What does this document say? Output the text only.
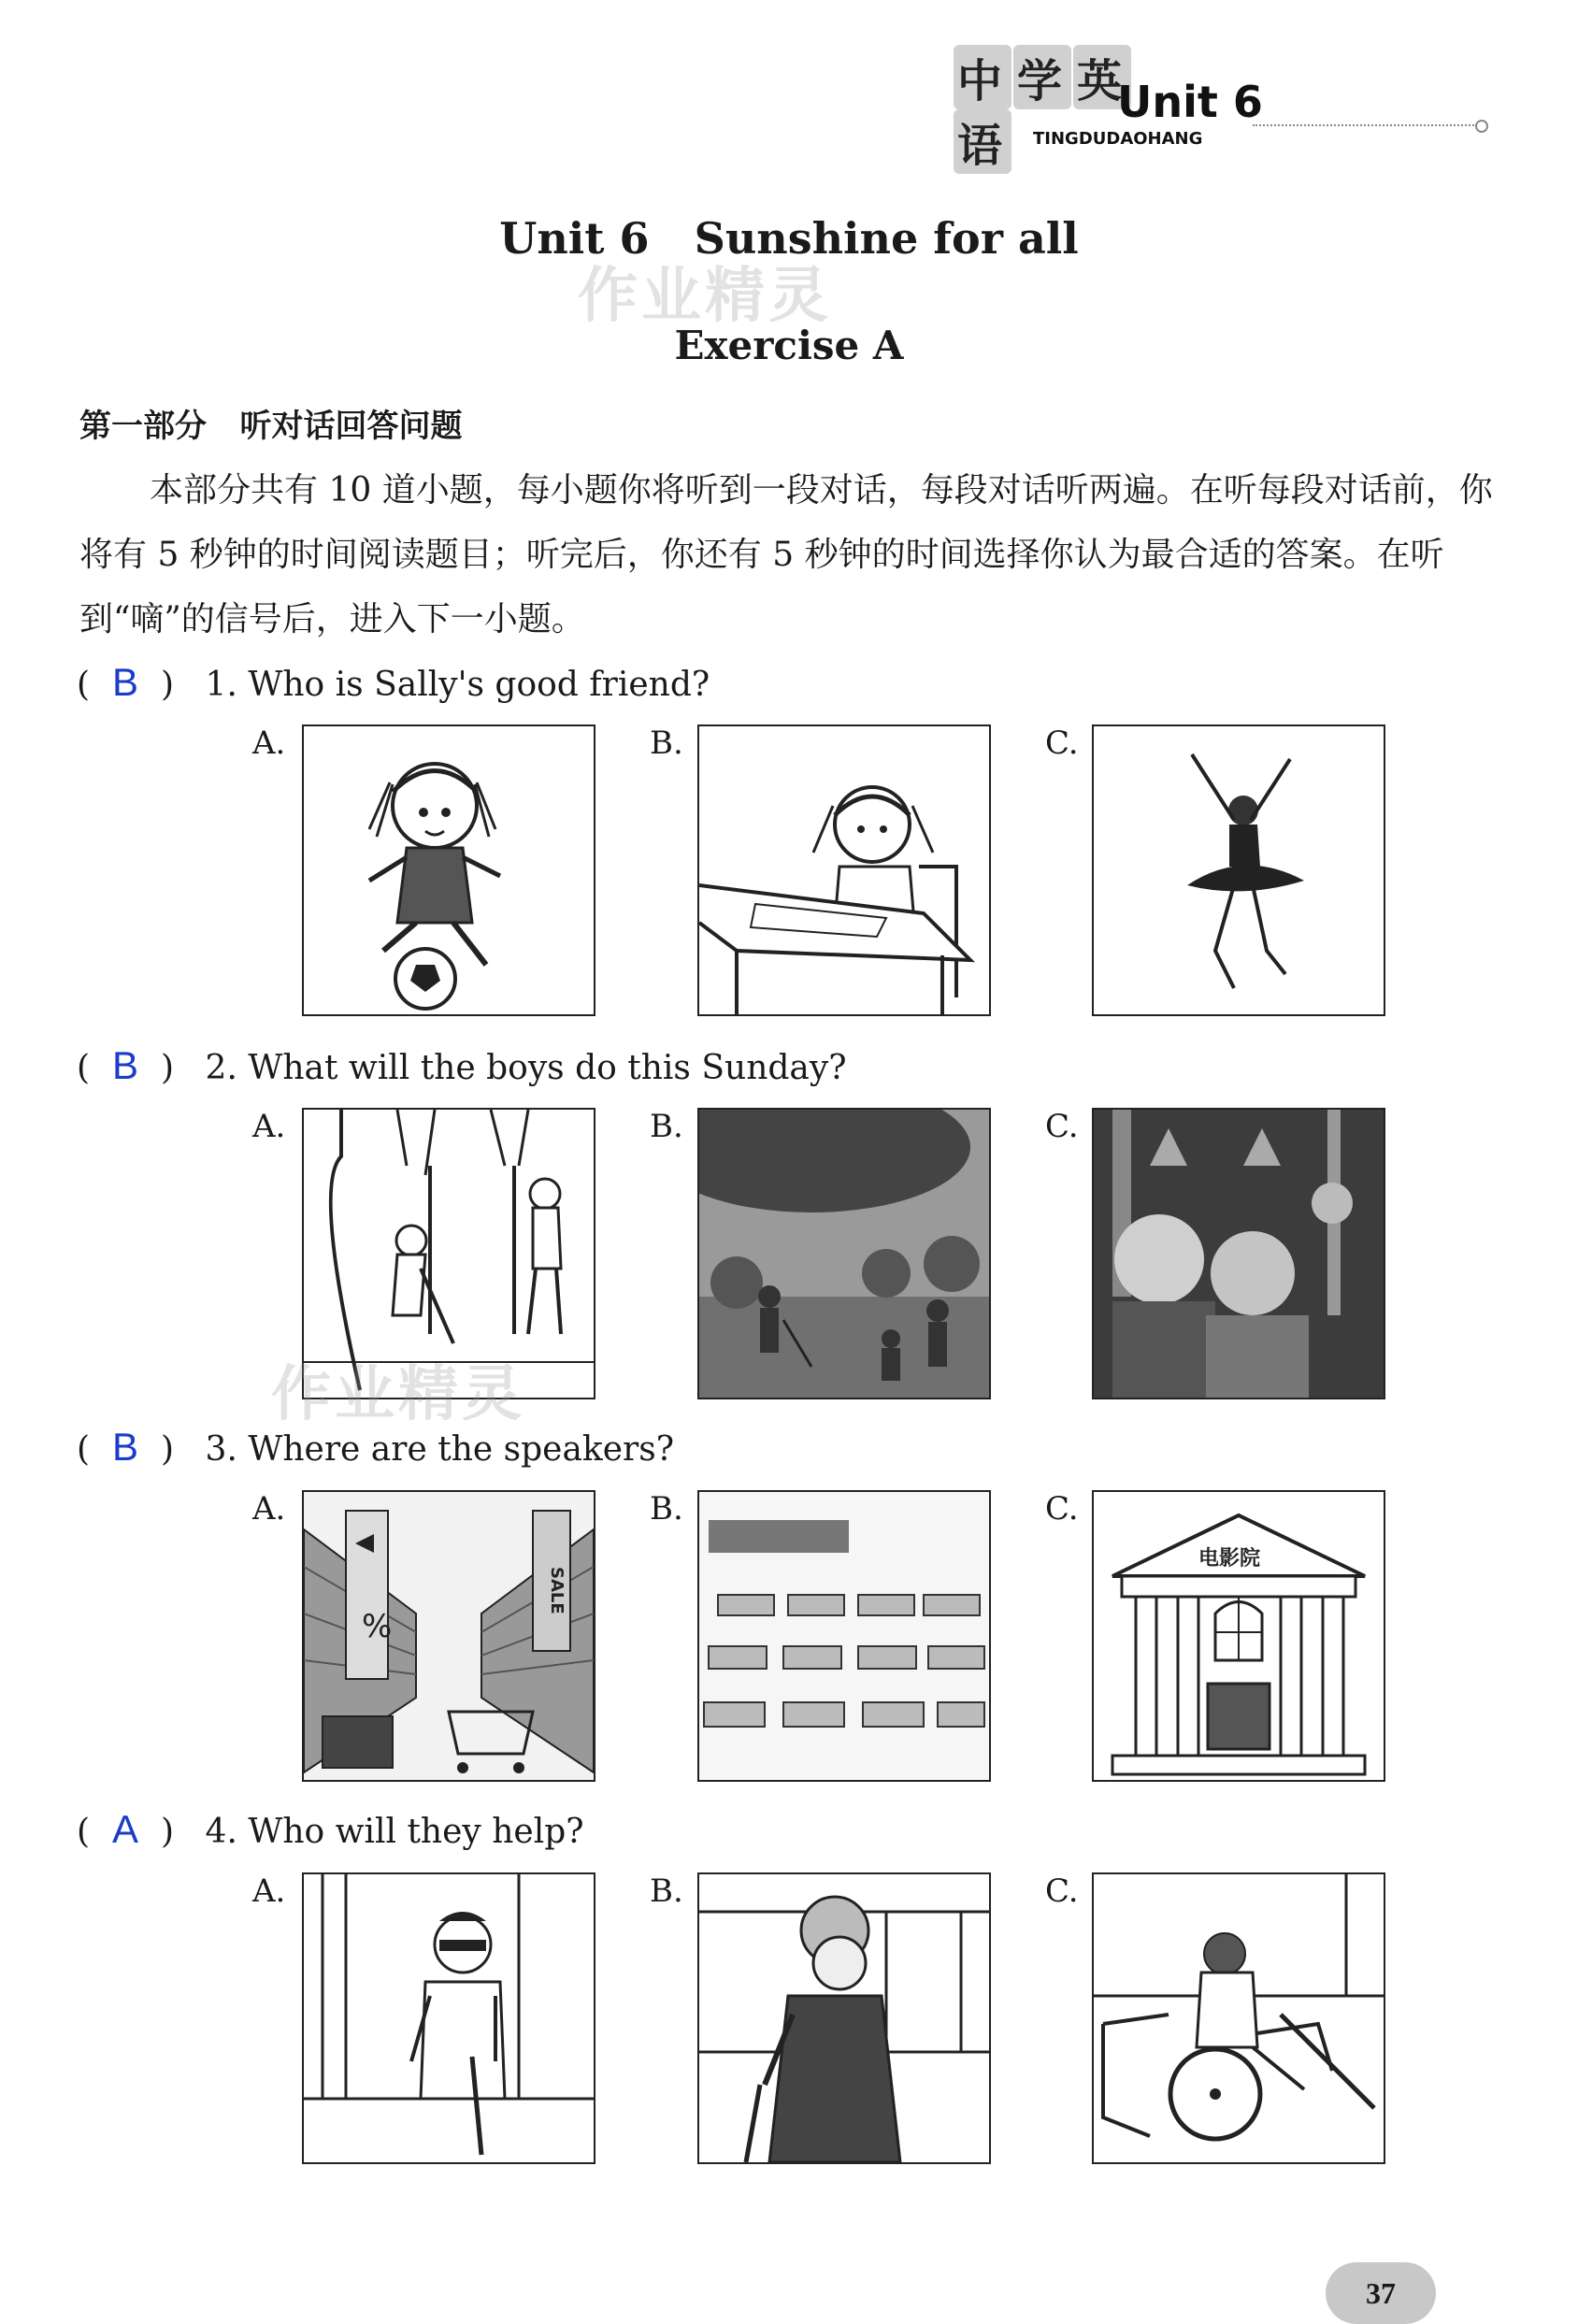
中 学 英语
Unit 6
TINGDUDAOHANG
Unit 6   Sunshine for all
作业精灵
Exercise A
第一部分   听对话回答问题
本部分共有 10 道小题，每小题你将听到一段对话，每段对话听两遍。在听每段对话前，你将有 5 秒钟的时间阅读题目；听完后，你还有 5 秒钟的时间选择你认为最合适的答案。在听到“嘀”的信号后，进入下一小题。
( B ) 1. Who is Sally's good friend?
A.	B.	C.
( B ) 2. What will the boys do this Sunday?
A.	B.	C.
( B ) 3. Where are the speakers?
A.	B.	C.
%
SALE
电影院
( A ) 4. Who will they help?
A.	B.	C.
作业精灵
37
